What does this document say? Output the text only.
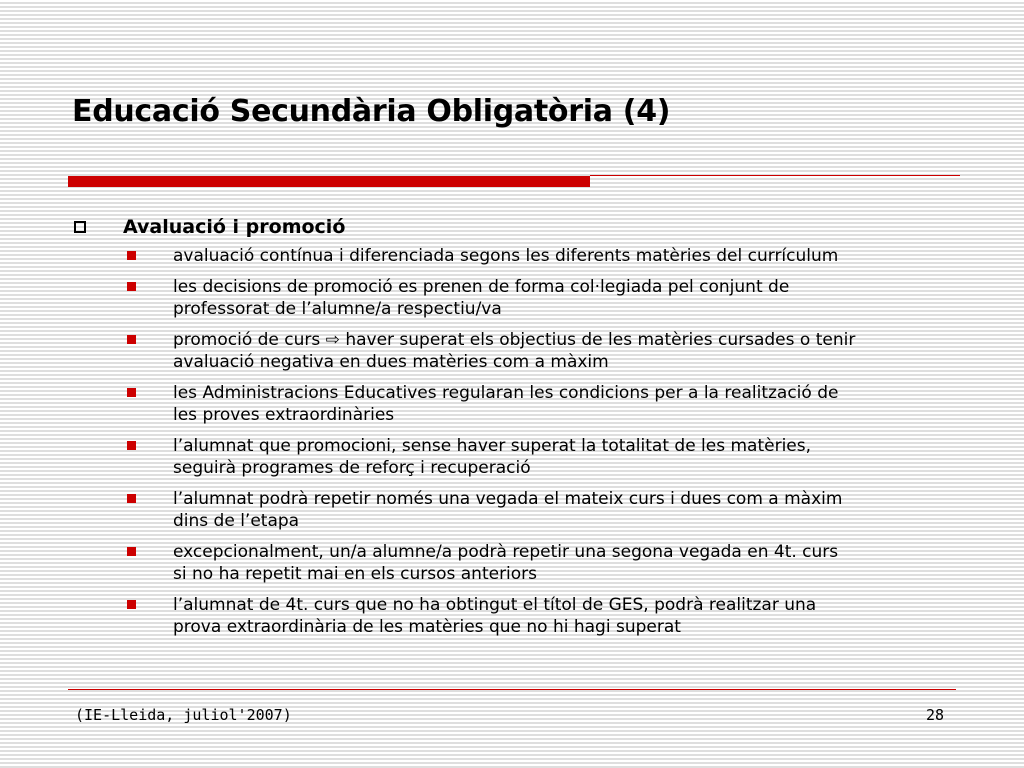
Educació Secundària Obligatòria (4)
Avaluació i promoció
avaluació contínua i diferenciada segons les diferents matèries del currículum
les decisions de promoció es prenen de forma col·legiada pel conjunt de
professorat de l’alumne/a respectiu/va
promoció de curs ⇨ haver superat els objectius de les matèries cursades o tenir
avaluació negativa en dues matèries com a màxim
les Administracions Educatives regularan les condicions per a la realització de
les proves extraordinàries
l’alumnat que promocioni, sense haver superat la totalitat de les matèries,
seguirà programes de reforç i recuperació
l’alumnat podrà repetir només una vegada el mateix curs i dues com a màxim
dins de l’etapa
excepcionalment, un/a alumne/a podrà repetir una segona vegada en 4t. curs
si no ha repetit mai en els cursos anteriors
l’alumnat de 4t. curs que no ha obtingut el títol de GES, podrà realitzar una
prova extraordinària de les matèries que no hi hagi superat
(IE-Lleida, juliol'2007)	28
